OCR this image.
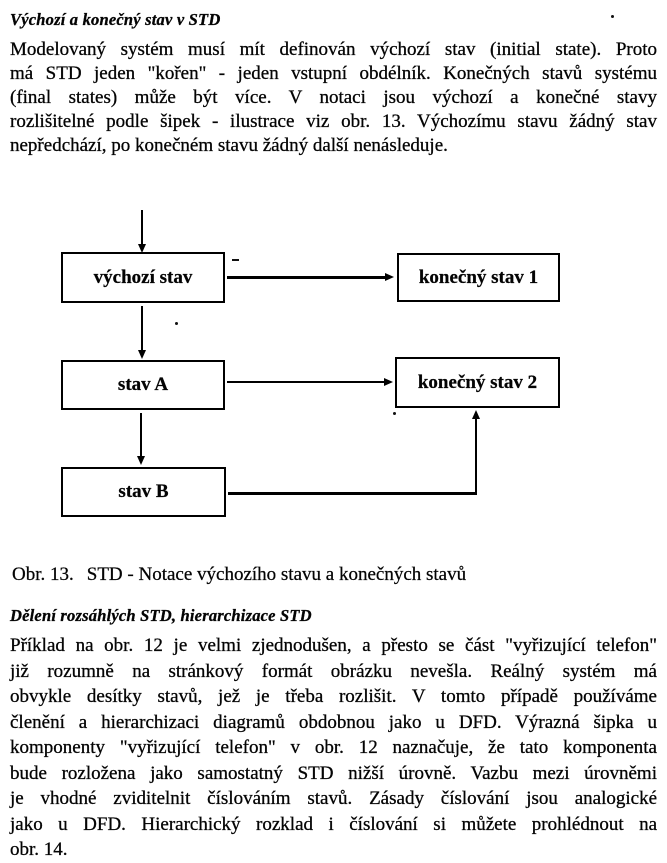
Výchozí a konečný stav v STD
Modelovaný systém musí mít definován výchozí stav (initial state). Proto
má STD jeden "kořen" - jeden vstupní obdélník. Konečných stavů systému
(final states) může být více. V notaci jsou výchozí a konečné stavy
rozlišitelné podle šipek - ilustrace viz obr. 13. Výchozímu stavu žádný stav
nepředchází, po konečném stavu žádný další nenásleduje.
výchozí stav	konečný stav 1
stav A	konečný stav 2
stav B
Obr. 13. STD - Notace výchozího stavu a konečných stavů
Dělení rozsáhlých STD, hierarchizace STD
Příklad na obr. 12 je velmi zjednodušen, a přesto se část "vyřizující telefon"
již rozumně na stránkový formát obrázku nevešla. Reálný systém má
obvykle desítky stavů, jež je třeba rozlišit. V tomto případě používáme
členění a hierarchizaci diagramů obdobnou jako u DFD. Výrazná šipka u
komponenty "vyřizující telefon" v obr. 12 naznačuje, že tato komponenta
bude rozložena jako samostatný STD nižší úrovně. Vazbu mezi úrovněmi
je vhodné zviditelnit číslováním stavů. Zásady číslování jsou analogické
jako u DFD. Hierarchický rozklad i číslování si můžete prohlédnout na
obr. 14.
